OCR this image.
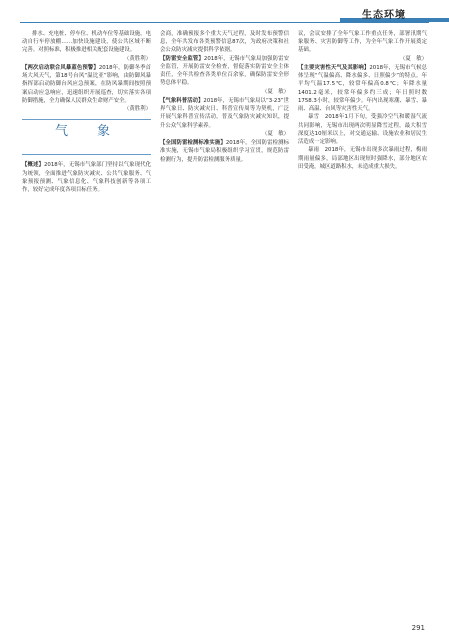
生态环境

排水、充电桩、停车位、机动车位等基础设施，电动自行车停放棚……加快设施建设，使公共区域不断完善。对照标准，积极推进相关配套设施建设。

（黄胜利）

【两次启动联合风暴蓝色预警】2018年，防御冬季首场大风天气，第18号台风“温比亚”影响，由防御风暴指挥部启动防御台风应急预案，在防风暴期间按照预案启动应急响应，迅速组织开展巡查，切实落实各项防御措施，全力确保人民群众生命财产安全。

（黄胜利）

气　象

【概述】2018年，无锡市气象部门坚持以气象现代化为统领，全面推进气象防灾减灾、公共气象服务、气象预报预测、气象信息化、气象科技创新等各项工作，较好完成年度各项目标任务。

会商，准确预报多个重大天气过程，及时发布预警信息，全年共发布各类预警信息87次，为政府决策和社会公众防灾减灾提供科学依据。

【防雷安全监管】2018年，无锡市气象局加强防雷安全监管，开展防雷安全检查，督促落实防雷安全主体责任，全年共检查各类单位百余家，确保防雷安全形势总体平稳。

（夏　敏）

【气象科普活动】2018年，无锡市气象局以“3·23”世界气象日、防灾减灾日、科普宣传周等为契机，广泛开展气象科普宣传活动，普及气象防灾减灾知识，提升公众气象科学素养。

（夏　敏）

【全国防雷检测标准实施】2018年，全国防雷检测标准实施，无锡市气象局积极组织学习宣贯，规范防雷检测行为，提升防雷检测服务质量。

议，会议安排了全年气象工作重点任务，部署汛期气象服务、灾害防御等工作，为全年气象工作开展奠定基础。

（夏　敏）

【主要灾害性天气及其影响】2018年，无锡市气候总体呈现“气温偏高、降水偏多、日照偏少”的特点。年平均气温17.5℃，较常年偏高0.8℃；年降水量1401.2毫米，较常年偏多约三成；年日照时数1758.3小时，较常年偏少。年内出现寒潮、暴雪、暴雨、高温、台风等灾害性天气。

暴雪　2018年1月下旬，受强冷空气和暖湿气流共同影响，无锡市出现两次明显降雪过程，最大积雪深度达10厘米以上，对交通运输、设施农业和居民生活造成一定影响。

暴雨　2018年，无锡市出现多次暴雨过程，梅雨期雨量偏多，局部地区出现短时强降水，部分地区农田受淹，城区道路积水，未造成重大损失。

291
